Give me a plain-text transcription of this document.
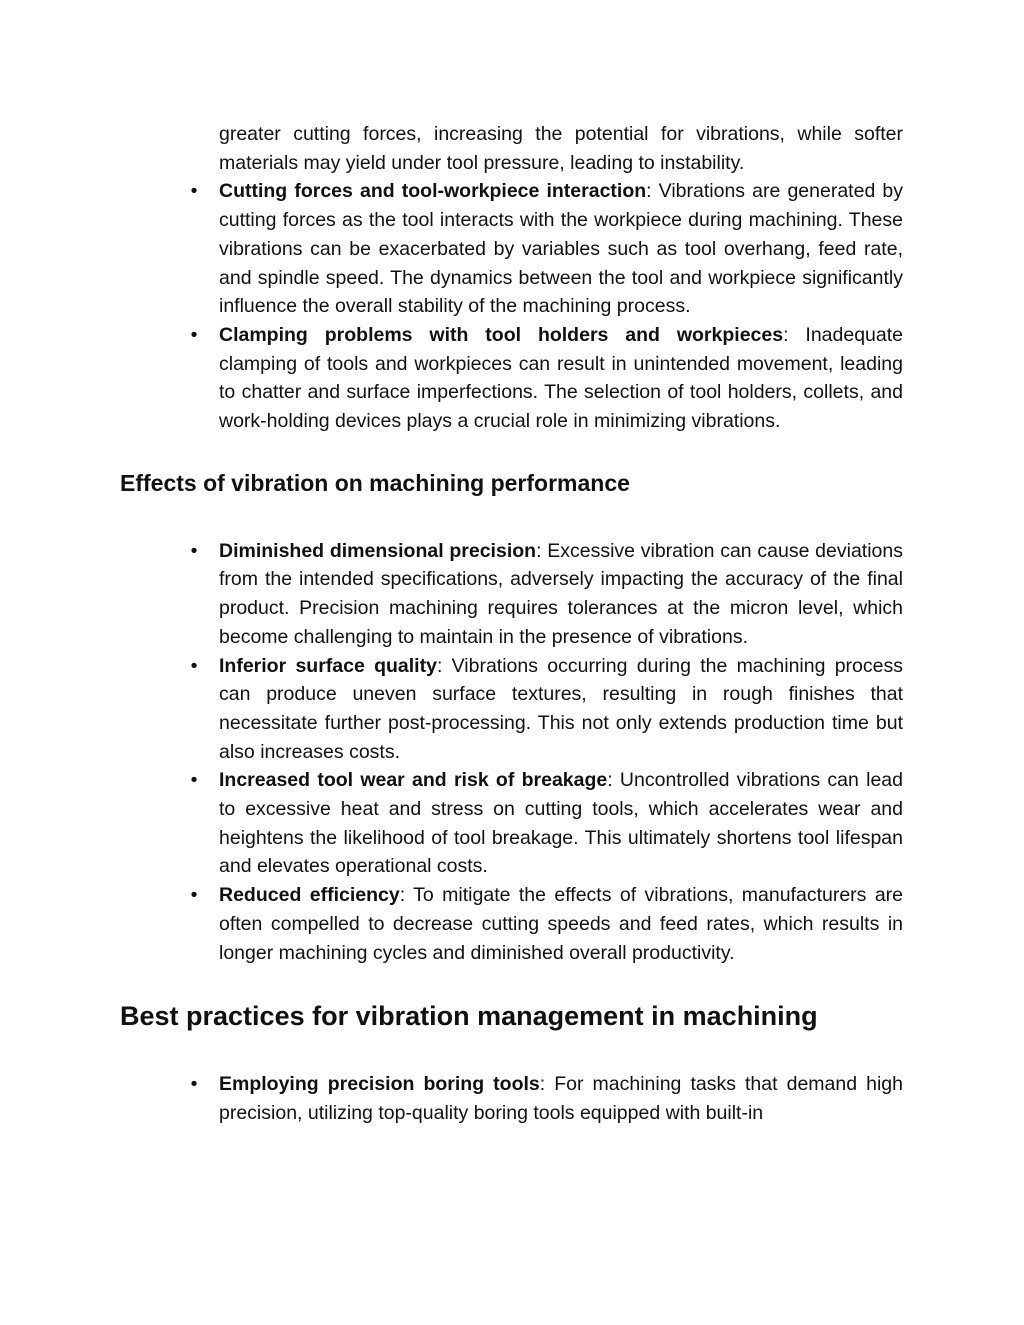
greater cutting forces, increasing the potential for vibrations, while softer materials may yield under tool pressure, leading to instability.

• Cutting forces and tool-workpiece interaction: Vibrations are generated by cutting forces as the tool interacts with the workpiece during machining. These vibrations can be exacerbated by variables such as tool overhang, feed rate, and spindle speed. The dynamics between the tool and workpiece significantly influence the overall stability of the machining process.
• Clamping problems with tool holders and workpieces: Inadequate clamping of tools and workpieces can result in unintended movement, leading to chatter and surface imperfections. The selection of tool holders, collets, and work-holding devices plays a crucial role in minimizing vibrations.
Effects of vibration on machining performance
• Diminished dimensional precision: Excessive vibration can cause deviations from the intended specifications, adversely impacting the accuracy of the final product. Precision machining requires tolerances at the micron level, which become challenging to maintain in the presence of vibrations.
• Inferior surface quality: Vibrations occurring during the machining process can produce uneven surface textures, resulting in rough finishes that necessitate further post-processing. This not only extends production time but also increases costs.
• Increased tool wear and risk of breakage: Uncontrolled vibrations can lead to excessive heat and stress on cutting tools, which accelerates wear and heightens the likelihood of tool breakage. This ultimately shortens tool lifespan and elevates operational costs.
• Reduced efficiency: To mitigate the effects of vibrations, manufacturers are often compelled to decrease cutting speeds and feed rates, which results in longer machining cycles and diminished overall productivity.
Best practices for vibration management in machining
• Employing precision boring tools: For machining tasks that demand high precision, utilizing top-quality boring tools equipped with built-in
